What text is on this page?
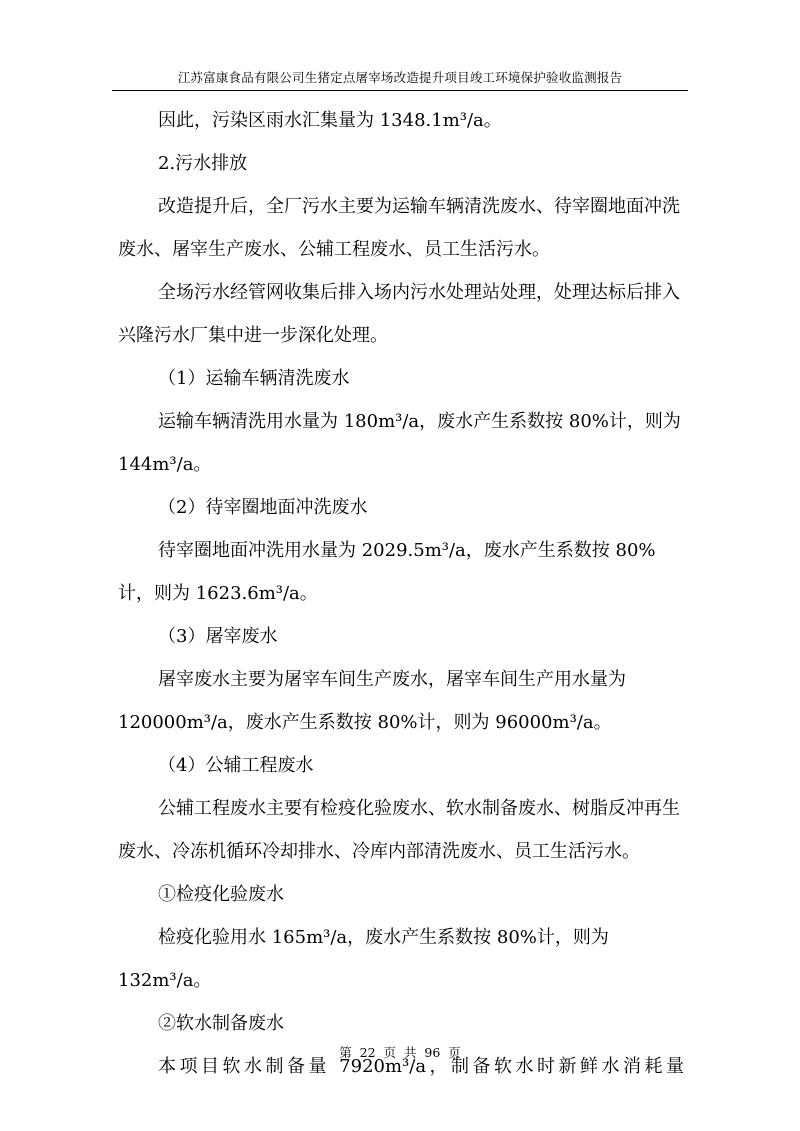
江苏富康食品有限公司生猪定点屠宰场改造提升项目竣工环境保护验收监测报告

因此，污染区雨水汇集量为 1348.1m³/a。

2.污水排放

改造提升后，全厂污水主要为运输车辆清洗废水、待宰圈地面冲洗废水、屠宰生产废水、公辅工程废水、员工生活污水。

全场污水经管网收集后排入场内污水处理站处理，处理达标后排入兴隆污水厂集中进一步深化处理。

（1）运输车辆清洗废水

运输车辆清洗用水量为 180m³/a，废水产生系数按 80%计，则为 144m³/a。

（2）待宰圈地面冲洗废水

待宰圈地面冲洗用水量为 2029.5m³/a，废水产生系数按 80%计，则为 1623.6m³/a。

（3）屠宰废水

屠宰废水主要为屠宰车间生产废水，屠宰车间生产用水量为 120000m³/a，废水产生系数按 80%计，则为 96000m³/a。

（4）公辅工程废水

公辅工程废水主要有检疫化验废水、软水制备废水、树脂反冲再生废水、冷冻机循环冷却排水、冷库内部清洗废水、员工生活污水。

①检疫化验废水

检疫化验用水 165m³/a，废水产生系数按 80%计，则为 132m³/a。

②软水制备废水

本项目软水制备量 7920m³/a，制备软水时新鲜水消耗量

第  22  页  共  96  页
